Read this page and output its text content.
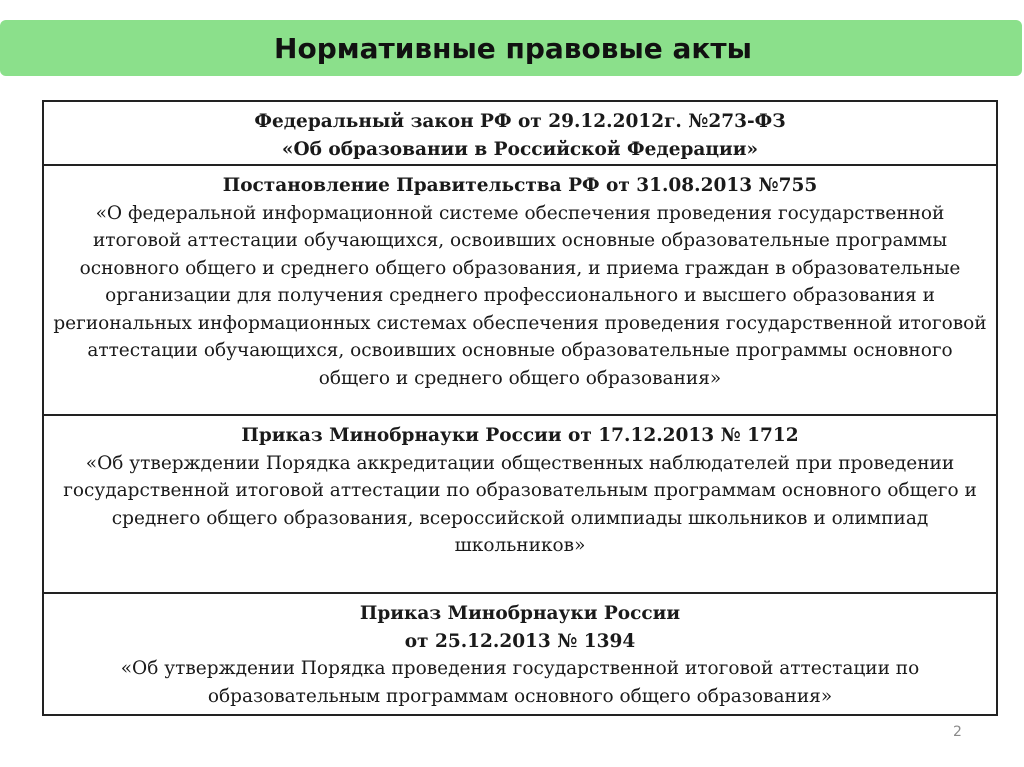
Нормативные правовые акты
Федеральный закон РФ от 29.12.2012г. №273-ФЗ
«Об образовании в Российской Федерации»

Постановление Правительства РФ от 31.08.2013 №755
«О федеральной информационной системе обеспечения проведения государственной итоговой аттестации обучающихся, освоивших основные образовательные программы основного общего и среднего общего образования, и приема граждан в образовательные организации для получения среднего профессионального и высшего образования и региональных информационных системах обеспечения проведения государственной итоговой аттестации обучающихся, освоивших основные образовательные программы основного общего и среднего общего образования»

Приказ Минобрнауки России от 17.12.2013 № 1712
«Об утверждении Порядка аккредитации общественных наблюдателей при проведении государственной итоговой аттестации по образовательным программам основного общего и среднего общего образования, всероссийской олимпиады школьников и олимпиад школьников»

Приказ Минобрнауки России
от 25.12.2013 № 1394
«Об утверждении Порядка проведения государственной итоговой аттестации по образовательным программам основного общего образования»
2
